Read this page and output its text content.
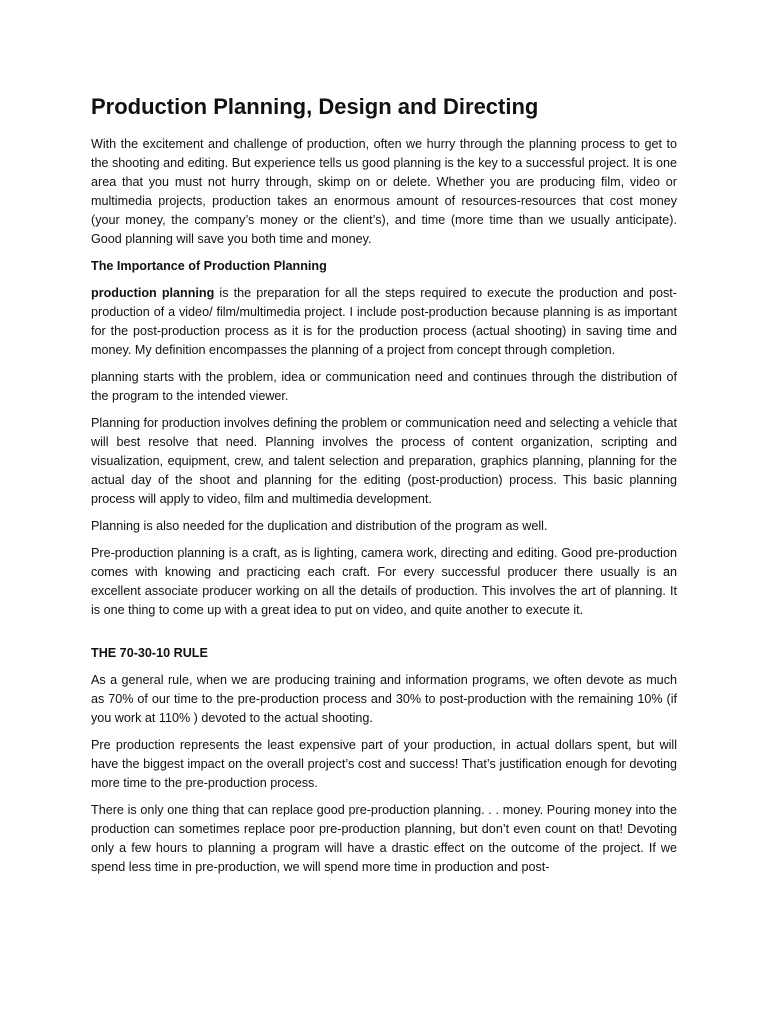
Production Planning, Design and Directing

With the excitement and challenge of production, often we hurry through the planning process to get to the shooting and editing. But experience tells us good planning is the key to a successful project. It is one area that you must not hurry through, skimp on or delete. Whether you are producing film, video or multimedia projects, production takes an enormous amount of resources-resources that cost money (your money, the company’s money or the client’s), and time (more time than we usually anticipate). Good planning will save you both time and money.

The Importance of Production Planning

production planning is the preparation for all the steps required to execute the production and post-production of a video/ film/multimedia project. I include post-production because planning is as important for the post-production process as it is for the production process (actual shooting) in saving time and money. My definition encompasses the planning of a project from concept through completion.

planning starts with the problem, idea or communication need and continues through the distribution of the program to the intended viewer.

Planning for production involves defining the problem or communication need and selecting a vehicle that will best resolve that need. Planning involves the process of content organization, scripting and visualization, equipment, crew, and talent selection and preparation, graphics planning, planning for the actual day of the shoot and planning for the editing (post-production) process. This basic planning process will apply to video, film and multimedia development.

Planning is also needed for the duplication and distribution of the program as well.

Pre-production planning is a craft, as is lighting, camera work, directing and editing. Good pre-production comes with knowing and practicing each craft. For every successful producer there usually is an excellent associate producer working on all the details of production. This involves the art of planning. It is one thing to come up with a great idea to put on video, and quite another to execute it.

THE 70-30-10 RULE

As a general rule, when we are producing training and information programs, we often devote as much as 70% of our time to the pre-production process and 30% to post-production with the remaining 10% (if you work at 110% ) devoted to the actual shooting.

Pre production represents the least expensive part of your production, in actual dollars spent, but will have the biggest impact on the overall project’s cost and success! That’s justification enough for devoting more time to the pre-production process.

There is only one thing that can replace good pre-production planning. . . money. Pouring money into the production can sometimes replace poor pre-production planning, but don’t even count on that! Devoting only a few hours to planning a program will have a drastic effect on the outcome of the project. If we spend less time in pre-production, we will spend more time in production and post-
